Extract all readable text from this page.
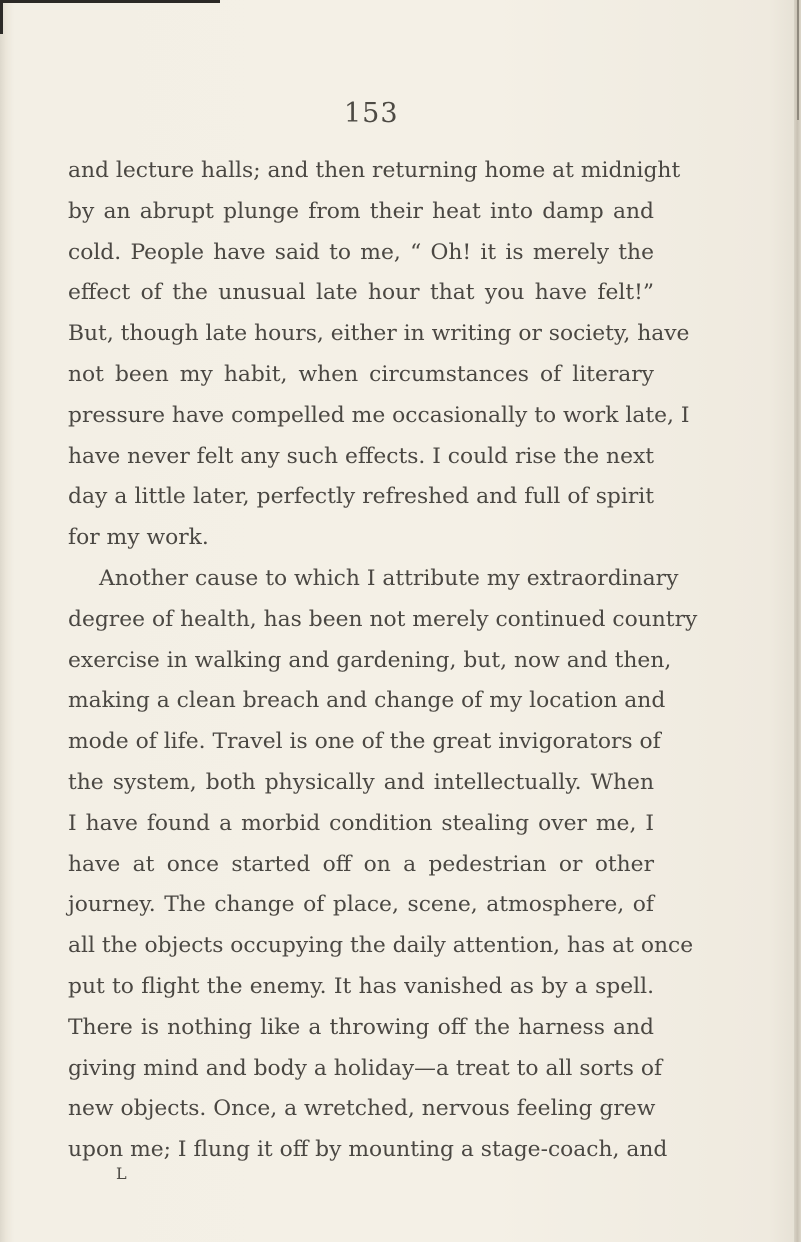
153
and lecture halls; and then returning home at midnight
by an abrupt plunge from their heat into damp and
cold. People have said to me, “ Oh! it is merely the
effect of the unusual late hour that you have felt!”
But, though late hours, either in writing or society, have
not been my habit, when circumstances of literary
pressure have compelled me occasionally to work late, I
have never felt any such effects. I could rise the next
day a little later, perfectly refreshed and full of spirit
for my work.
Another cause to which I attribute my extraordinary
degree of health, has been not merely continued country
exercise in walking and gardening, but, now and then,
making a clean breach and change of my location and
mode of life. Travel is one of the great invigorators of
the system, both physically and intellectually. When
I have found a morbid condition stealing over me, I
have at once started off on a pedestrian or other
journey. The change of place, scene, atmosphere, of
all the objects occupying the daily attention, has at once
put to flight the enemy. It has vanished as by a spell.
There is nothing like a throwing off the harness and
giving mind and body a holiday—a treat to all sorts of
new objects. Once, a wretched, nervous feeling grew
upon me; I flung it off by mounting a stage-coach, and
L
